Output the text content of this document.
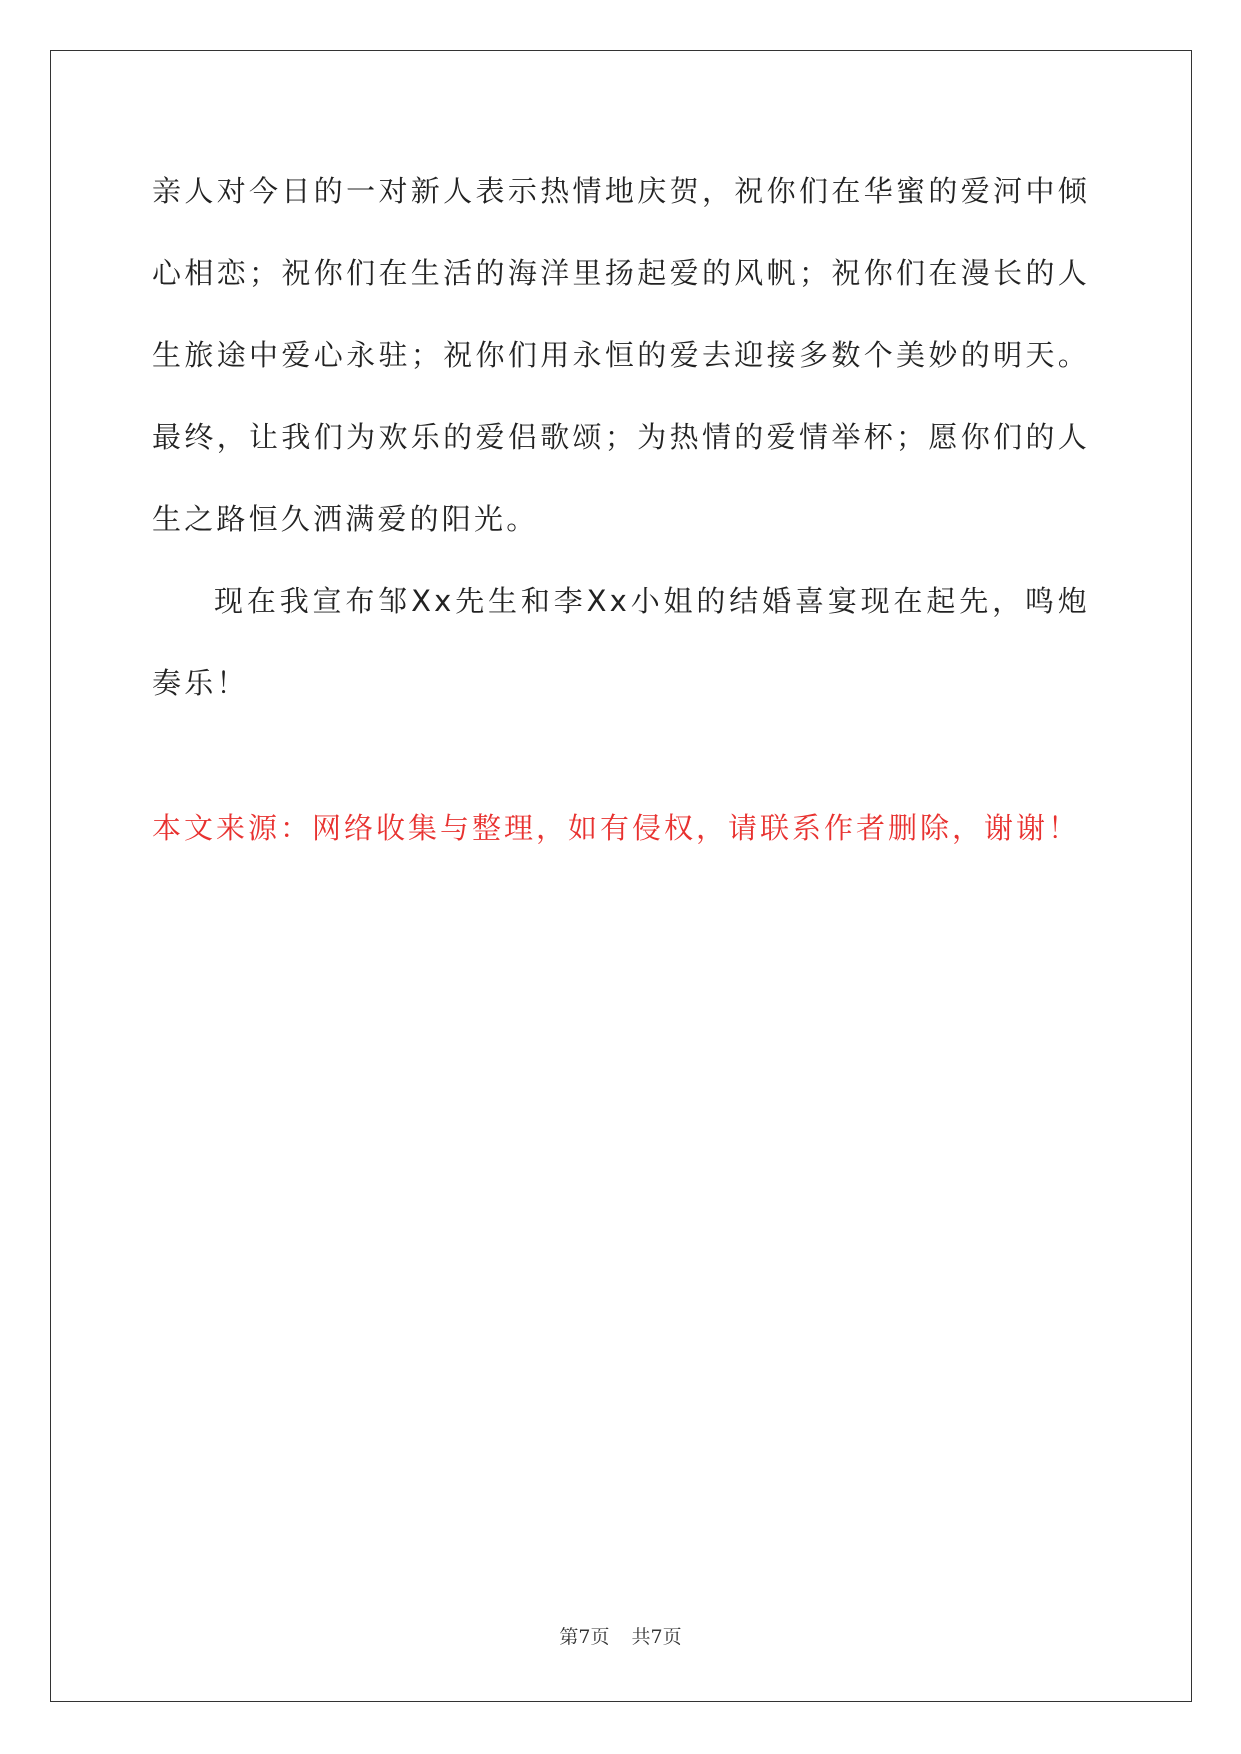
亲人对今日的一对新人表示热情地庆贺，祝你们在华蜜的爱河中倾心相恋；祝你们在生活的海洋里扬起爱的风帆；祝你们在漫长的人生旅途中爱心永驻；祝你们用永恒的爱去迎接多数个美妙的明天。最终，让我们为欢乐的爱侣歌颂；为热情的爱情举杯；愿你们的人生之路恒久洒满爱的阳光。
现在我宣布邹Xx先生和李Xx小姐的结婚喜宴现在起先，鸣炮奏乐！
本文来源：网络收集与整理，如有侵权，请联系作者删除，谢谢！
第7页 共7页
